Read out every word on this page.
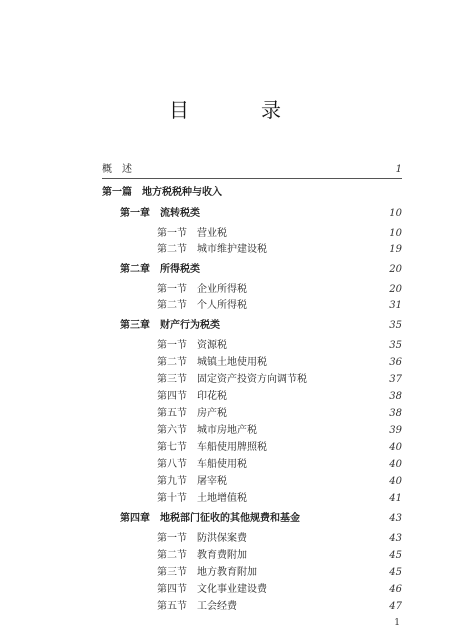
目　录
概　述	1
第一篇　地方税税种与收入
第一章　流转税类	10
第一节　营业税	10
第二节　城市维护建设税	19
第二章　所得税类	20
第一节　企业所得税	20
第二节　个人所得税	31
第三章　财产行为税类	35
第一节　资源税	35
第二节　城镇土地使用税	36
第三节　固定资产投资方向调节税	37
第四节　印花税	38
第五节　房产税	38
第六节　城市房地产税	39
第七节　车船使用牌照税	40
第八节　车船使用税	40
第九节　屠宰税	40
第十节　土地增值税	41
第四章　地税部门征收的其他规费和基金	43
第一节　防洪保案费	43
第二节　教育费附加	45
第三节　地方教育附加	45
第四节　文化事业建设费	46
第五节　工会经费	47
1
